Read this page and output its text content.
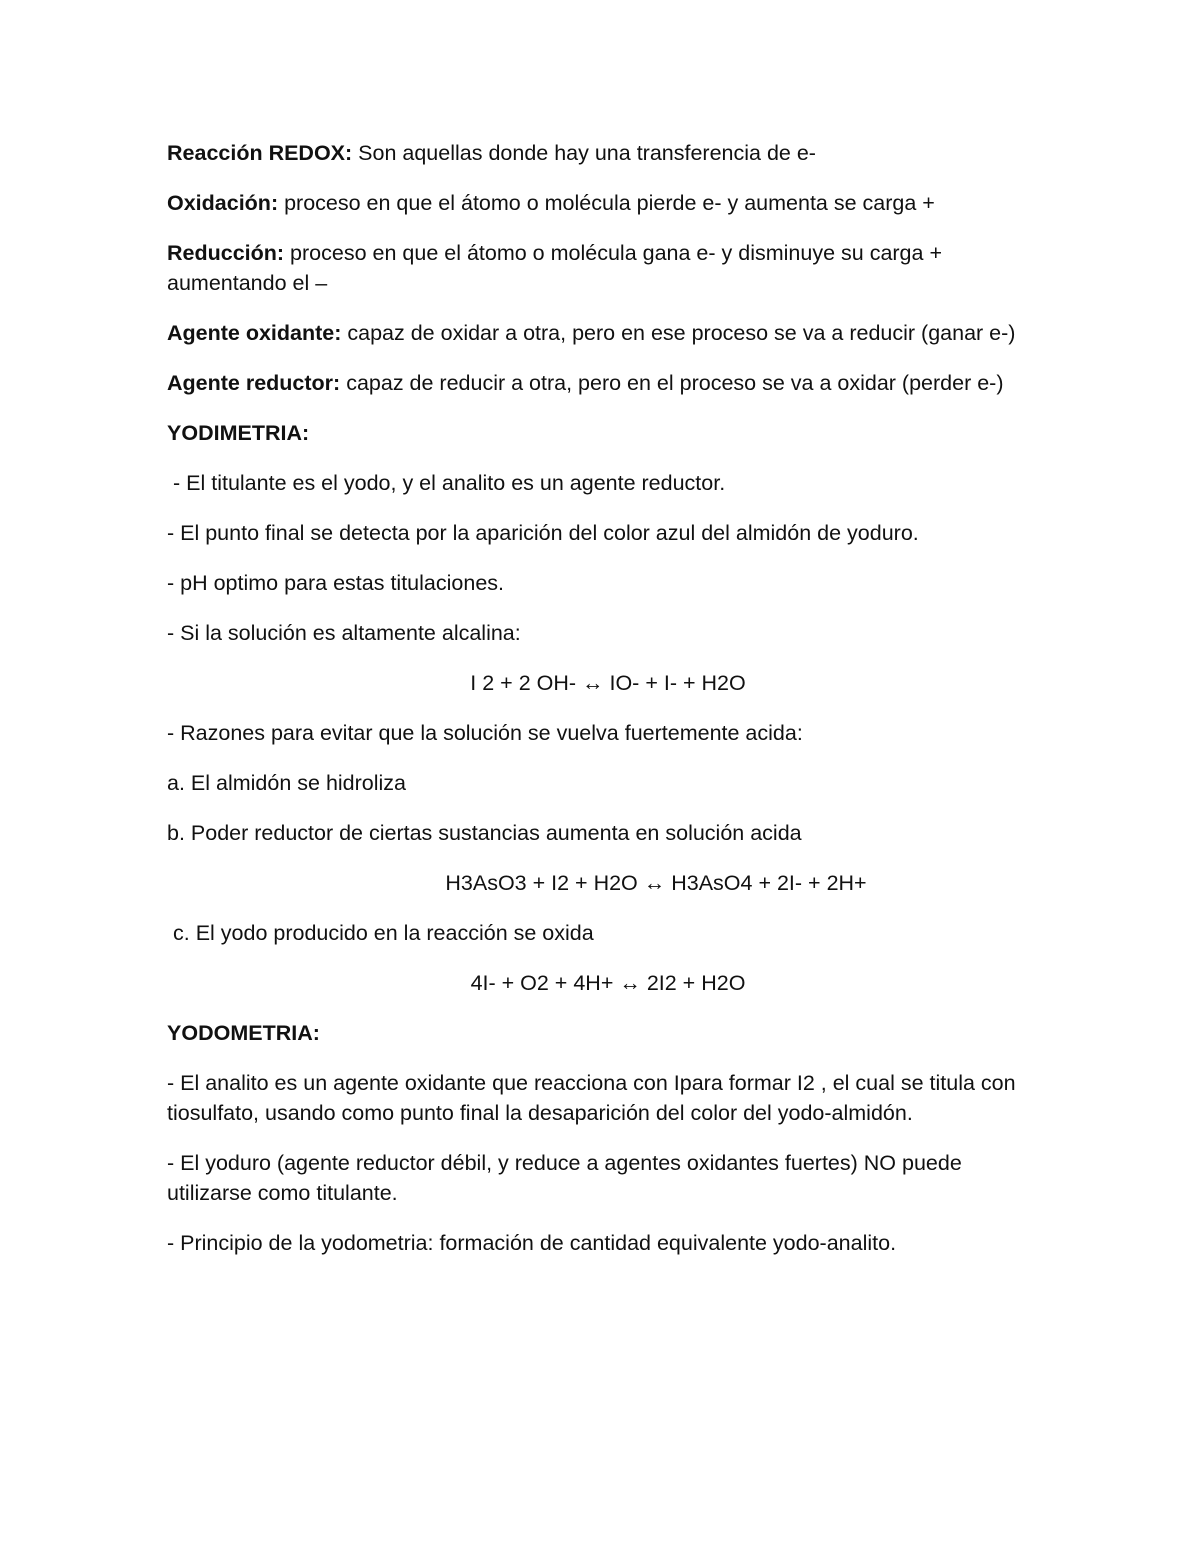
Reacción REDOX: Son aquellas donde hay una transferencia de e-

Oxidación: proceso en que el átomo o molécula pierde e- y aumenta se carga +

Reducción: proceso en que el átomo o molécula gana e- y disminuye su carga + aumentando el –

Agente oxidante: capaz de oxidar a otra, pero en ese proceso se va a reducir (ganar e-)

Agente reductor: capaz de reducir a otra, pero en el proceso se va a oxidar (perder e-)

YODIMETRIA:

- El titulante es el yodo, y el analito es un agente reductor.

- El punto final se detecta por la aparición del color azul del almidón de yoduro.

- pH optimo para estas titulaciones.

- Si la solución es altamente alcalina:

I 2 + 2 OH- ↔ IO- + I- + H2O

- Razones para evitar que la solución se vuelva fuertemente acida:

a. El almidón se hidroliza

b. Poder reductor de ciertas sustancias aumenta en solución acida

H3AsO3 + I2 + H2O ↔ H3AsO4 + 2I- + 2H+

c. El yodo producido en la reacción se oxida

4I- + O2 + 4H+ ↔ 2I2 + H2O

YODOMETRIA:

- El analito es un agente oxidante que reacciona con Ipara formar I2 , el cual se titula con tiosulfato, usando como punto final la desaparición del color del yodo-almidón.

- El yoduro (agente reductor débil, y reduce a agentes oxidantes fuertes) NO puede utilizarse como titulante.

- Principio de la yodometria: formación de cantidad equivalente yodo-analito.
